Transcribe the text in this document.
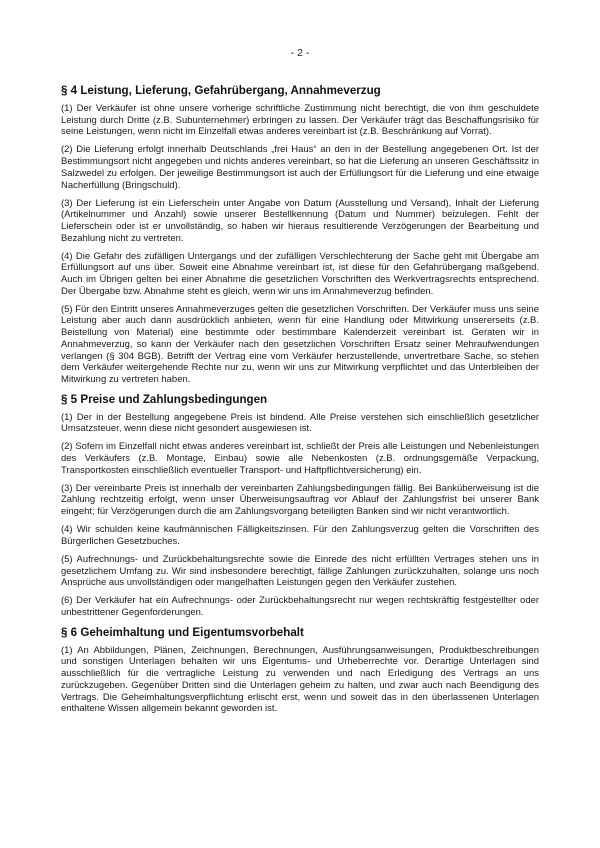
- 2 -
§ 4 Leistung, Lieferung, Gefahrübergang, Annahmeverzug

(1) Der Verkäufer ist ohne unsere vorherige schriftliche Zustimmung nicht berechtigt, die von ihm geschuldete Leistung durch Dritte (z.B. Subunternehmer) erbringen zu lassen. Der Verkäufer trägt das Beschaffungsrisiko für seine Leistungen, wenn nicht im Einzelfall etwas anderes vereinbart ist (z.B. Beschränkung auf Vorrat).

(2) Die Lieferung erfolgt innerhalb Deutschlands „frei Haus“ an den in der Bestellung angegebenen Ort. Ist der Bestimmungsort nicht angegeben und nichts anderes vereinbart, so hat die Lieferung an unseren Geschäftssitz in Salzwedel zu erfolgen. Der jeweilige Bestimmungsort ist auch der Erfüllungsort für die Lieferung und eine etwaige Nacherfüllung (Bringschuld).

(3) Der Lieferung ist ein Lieferschein unter Angabe von Datum (Ausstellung und Versand), Inhalt der Lieferung (Artikelnummer und Anzahl) sowie unserer Bestellkennung (Datum und Nummer) beizulegen. Fehlt der Lieferschein oder ist er unvollständig, so haben wir hieraus resultierende Verzögerungen der Bearbeitung und Bezahlung nicht zu vertreten.

(4) Die Gefahr des zufälligen Untergangs und der zufälligen Verschlechterung der Sache geht mit Übergabe am Erfüllungsort auf uns über. Soweit eine Abnahme vereinbart ist, ist diese für den Gefahrübergang maßgebend. Auch im Übrigen gelten bei einer Abnahme die gesetzlichen Vorschriften des Werkvertragsrechts entsprechend. Der Übergabe bzw. Abnahme steht es gleich, wenn wir uns im Annahmeverzug befinden.

(5) Für den Eintritt unseres Annahmeverzuges gelten die gesetzlichen Vorschriften. Der Verkäufer muss uns seine Leistung aber auch dann ausdrücklich anbieten, wenn für eine Handlung oder Mitwirkung unsererseits (z.B. Beistellung von Material) eine bestimmte oder bestimmbare Kalenderzeit vereinbart ist. Geraten wir in Annahmeverzug, so kann der Verkäufer nach den gesetzlichen Vorschriften Ersatz seiner Mehraufwendungen verlangen (§ 304 BGB). Betrifft der Vertrag eine vom Verkäufer herzustellende, unvertretbare Sache, so stehen dem Verkäufer weitergehende Rechte nur zu, wenn wir uns zur Mitwirkung verpflichtet und das Unterbleiben der Mitwirkung zu vertreten haben.

§ 5 Preise und Zahlungsbedingungen

(1) Der in der Bestellung angegebene Preis ist bindend. Alle Preise verstehen sich einschließlich gesetzlicher Umsatzsteuer, wenn diese nicht gesondert ausgewiesen ist.

(2) Sofern im Einzelfall nicht etwas anderes vereinbart ist, schließt der Preis alle Leistungen und Nebenleistungen des Verkäufers (z.B. Montage, Einbau) sowie alle Nebenkosten (z.B. ordnungsgemäße Verpackung, Transportkosten einschließlich eventueller Transport- und Haftpflichtversicherung) ein.

(3) Der vereinbarte Preis ist innerhalb der vereinbarten Zahlungsbedingungen fällig. Bei Banküberweisung ist die Zahlung rechtzeitig erfolgt, wenn unser Überweisungsauftrag vor Ablauf der Zahlungsfrist bei unserer Bank eingeht; für Verzögerungen durch die am Zahlungsvorgang beteiligten Banken sind wir nicht verantwortlich.

(4) Wir schulden keine kaufmännischen Fälligkeitszinsen. Für den Zahlungsverzug gelten die Vorschriften des Bürgerlichen Gesetzbuches.

(5) Aufrechnungs- und Zurückbehaltungsrechte sowie die Einrede des nicht erfüllten Vertrages stehen uns in gesetzlichem Umfang zu. Wir sind insbesondere berechtigt, fällige Zahlungen zurückzuhalten, solange uns noch Ansprüche aus unvollständigen oder mangelhaften Leistungen gegen den Verkäufer zustehen.

(6) Der Verkäufer hat ein Aufrechnungs- oder Zurückbehaltungsrecht nur wegen rechtskräftig festgestellter oder unbestrittener Gegenforderungen.

§ 6 Geheimhaltung und Eigentumsvorbehalt

(1) An Abbildungen, Plänen, Zeichnungen, Berechnungen, Ausführungsanweisungen, Produktbeschreibungen und sonstigen Unterlagen behalten wir uns Eigentums- und Urheberrechte vor. Derartige Unterlagen sind ausschließlich für die vertragliche Leistung zu verwenden und nach Erledigung des Vertrags an uns zurückzugeben. Gegenüber Dritten sind die Unterlagen geheim zu halten, und zwar auch nach Beendigung des Vertrags. Die Geheimhaltungsverpflichtung erlischt erst, wenn und soweit das in den überlassenen Unterlagen enthaltene Wissen allgemein bekannt geworden ist.
